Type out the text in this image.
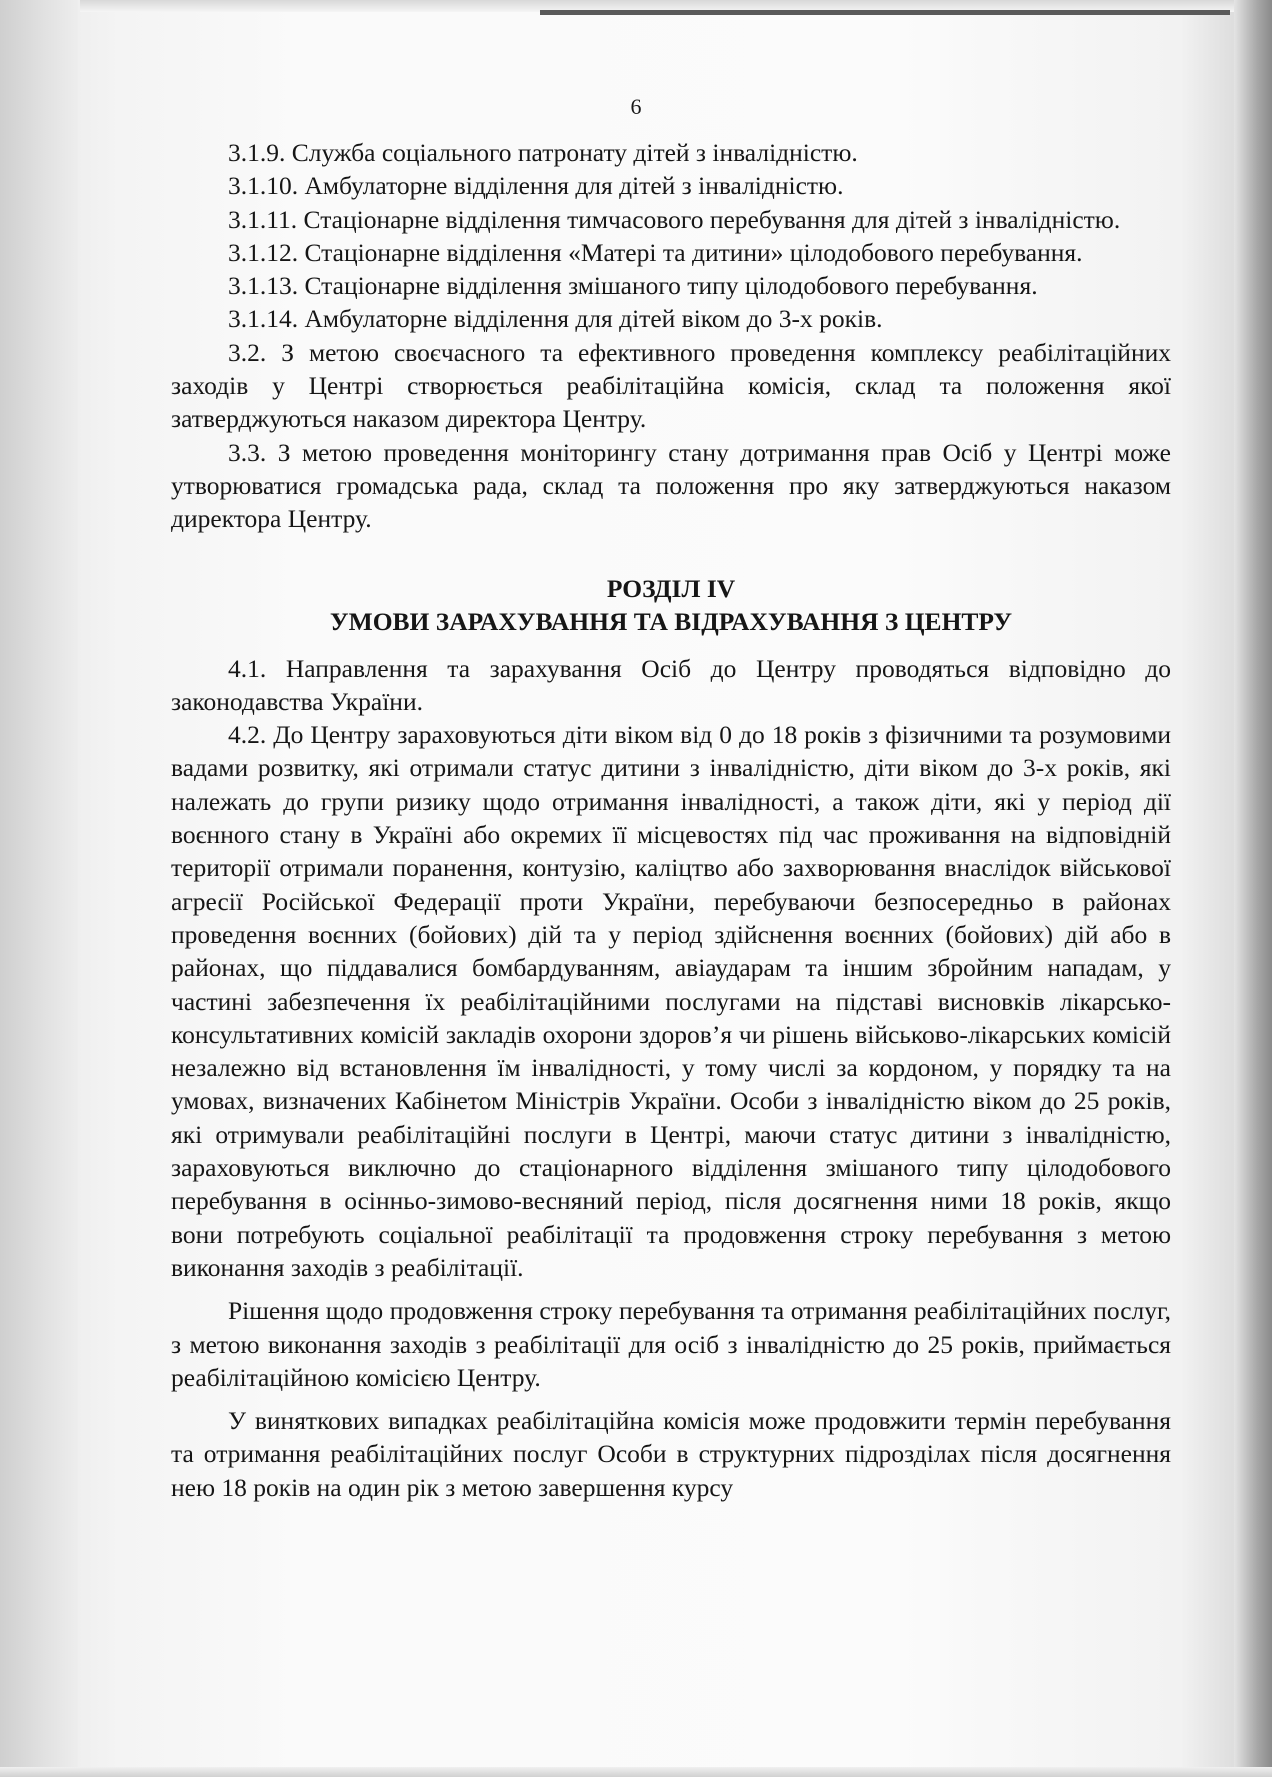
6

3.1.9. Служба соціального патронату дітей з інвалідністю.

3.1.10. Амбулаторне відділення для дітей з інвалідністю.

3.1.11. Стаціонарне відділення тимчасового перебування для дітей з інвалідністю.

3.1.12. Стаціонарне відділення «Матері та дитини» цілодобового перебування.

3.1.13. Стаціонарне відділення змішаного типу цілодобового перебування.

3.1.14. Амбулаторне відділення для дітей віком до 3-х років.

3.2. З метою своєчасного та ефективного проведення комплексу реабілітаційних заходів у Центрі створюється реабілітаційна комісія, склад та положення якої затверджуються наказом директора Центру.

3.3. З метою проведення моніторингу стану дотримання прав Осіб у Центрі може утворюватися громадська рада, склад та положення про яку затверджуються наказом директора Центру.

РОЗДІЛ IV
УМОВИ ЗАРАХУВАННЯ ТА ВІДРАХУВАННЯ З ЦЕНТРУ

4.1. Направлення та зарахування Осіб до Центру проводяться відповідно до законодавства України.

4.2. До Центру зараховуються діти віком від 0 до 18 років з фізичними та розумовими вадами розвитку, які отримали статус дитини з інвалідністю, діти віком до 3-х років, які належать до групи ризику щодо отримання інвалідності, а також діти, які у період дії воєнного стану в Україні або окремих її місцевостях під час проживання на відповідній території отримали поранення, контузію, каліцтво або захворювання внаслідок військової агресії Російської Федерації проти України, перебуваючи безпосередньо в районах проведення воєнних (бойових) дій та у період здійснення воєнних (бойових) дій або в районах, що піддавалися бомбардуванням, авіаударам та іншим збройним нападам, у частині забезпечення їх реабілітаційними послугами на підставі висновків лікарсько-консультативних комісій закладів охорони здоров’я чи рішень військово-лікарських комісій незалежно від встановлення їм інвалідності, у тому числі за кордоном, у порядку та на умовах, визначених Кабінетом Міністрів України. Особи з інвалідністю віком до 25 років, які отримували реабілітаційні послуги в Центрі, маючи статус дитини з інвалідністю, зараховуються виключно до стаціонарного відділення змішаного типу цілодобового перебування в осінньо-зимово-весняний період, після досягнення ними 18 років, якщо вони потребують соціальної реабілітації та продовження строку перебування з метою виконання заходів з реабілітації.

Рішення щодо продовження строку перебування та отримання реабілітаційних послуг, з метою виконання заходів з реабілітації для осіб з інвалідністю до 25 років, приймається реабілітаційною комісією Центру.

У виняткових випадках реабілітаційна комісія може продовжити термін перебування та отримання реабілітаційних послуг Особи в структурних підрозділах після досягнення нею 18 років на один рік з метою завершення курсу
